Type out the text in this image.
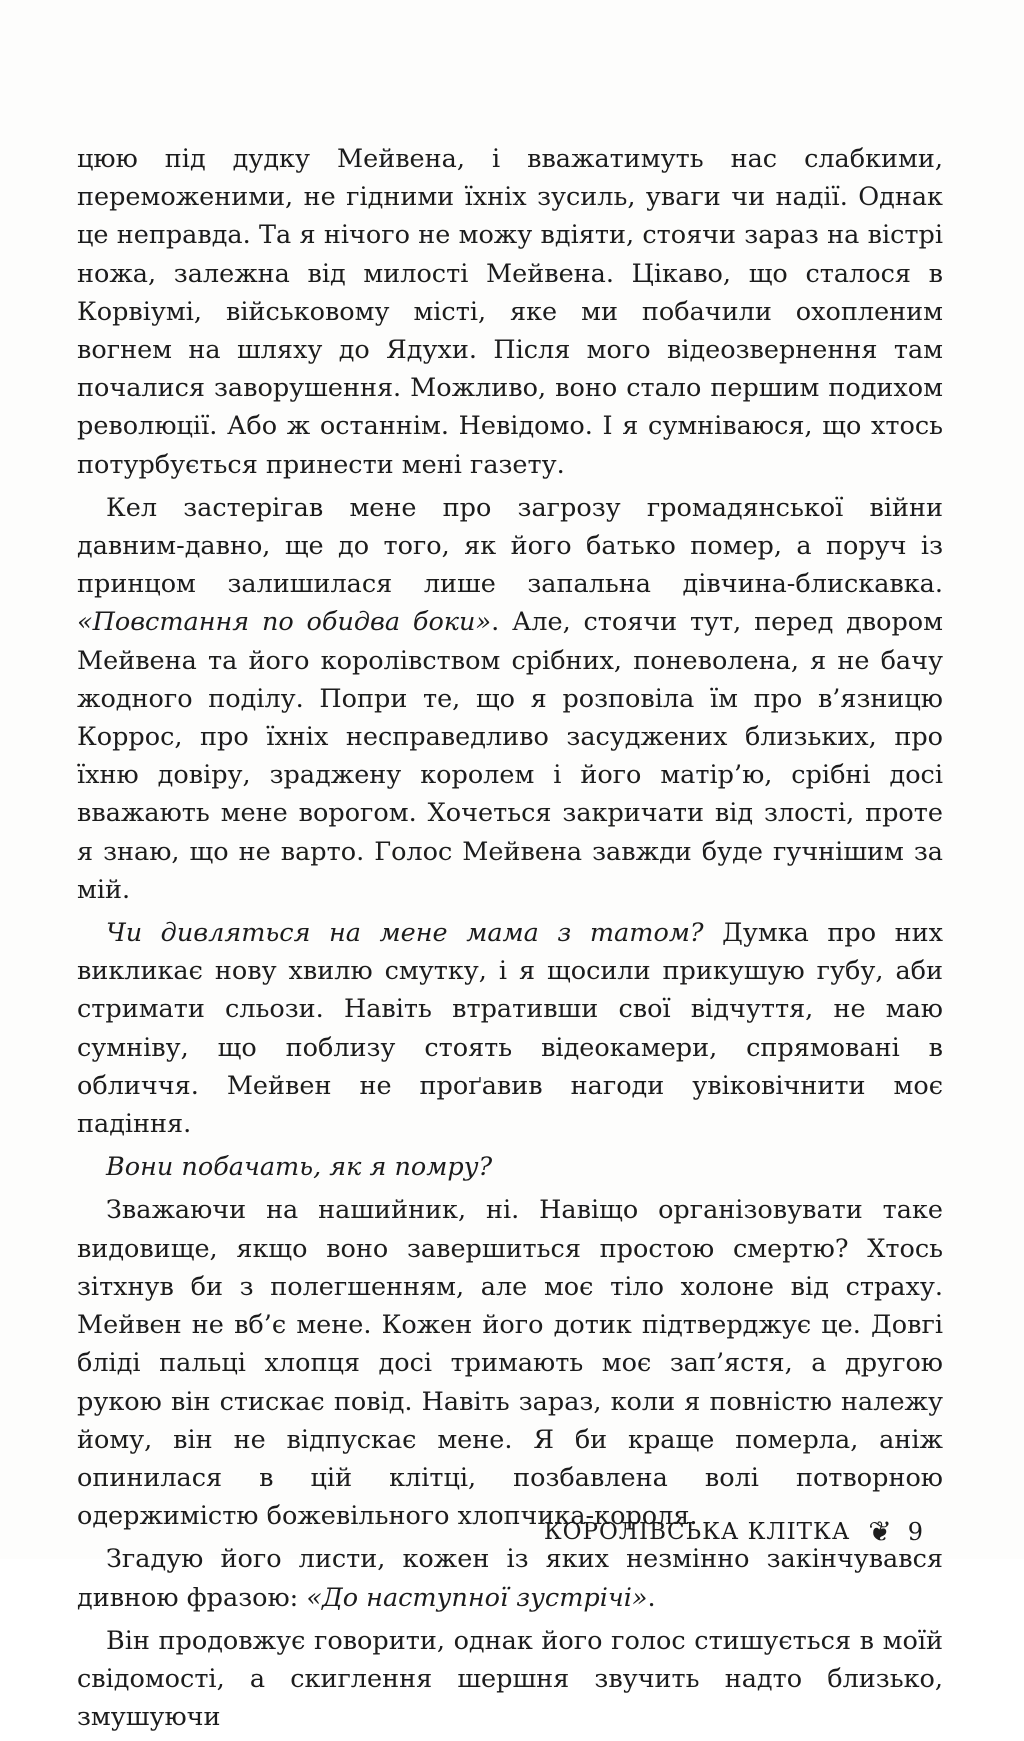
цюю під дудку Мейвена, і вважатимуть нас слабкими, переможеними, не гідними їхніх зусиль, уваги чи надії. Однак це неправда. Та я нічого не можу вдіяти, стоячи зараз на вістрі ножа, залежна від милості Мейвена. Цікаво, що сталося в Корвіумі, військовому місті, яке ми побачили охопленим вогнем на шляху до Ядухи. Після мого відеозвернення там почалися заворушення. Можливо, воно стало першим подихом революції. Або ж останнім. Невідомо. І я сумніваюся, що хтось потурбується принести мені газету.

Кел застерігав мене про загрозу громадянської війни давним-давно, ще до того, як його батько помер, а поруч із принцом залишилася лише запальна дівчина-блискавка. «Повстання по обидва боки». Але, стоячи тут, перед двором Мейвена та його королівством срібних, поневолена, я не бачу жодного поділу. Попри те, що я розповіла їм про в’язницю Коррос, про їхніх несправедливо засуджених близьких, про їхню довіру, зраджену королем і його матір’ю, срібні досі вважають мене ворогом. Хочеться закричати від злості, проте я знаю, що не варто. Голос Мейвена завжди буде гучнішим за мій.

Чи дивляться на мене мама з татом? Думка про них викликає нову хвилю смутку, і я щосили прикушую губу, аби стримати сльози. Навіть втративши свої відчуття, не маю сумніву, що поблизу стоять відеокамери, спрямовані в обличчя. Мейвен не проґавив нагоди увіковічнити моє падіння.

Вони побачать, як я помру?

Зважаючи на нашийник, ні. Навіщо організовувати таке видовище, якщо воно завершиться простою смертю? Хтось зітхнув би з полегшенням, але моє тіло холоне від страху. Мейвен не вб’є мене. Кожен його дотик підтверджує це. Довгі бліді пальці хлопця досі тримають моє зап’ястя, а другою рукою він стискає повід. Навіть зараз, коли я повністю належу йому, він не відпускає мене. Я би краще померла, аніж опинилася в цій клітці, позбавлена волі потворною одержимістю божевільного хлопчика-короля.

Згадую його листи, кожен із яких незмінно закінчувався дивною фразою: «До наступної зустрічі».

Він продовжує говорити, однак його голос стишується в моїй свідомості, а скиглення шершня звучить надто близько, змушуючи

КОРОЛІВСЬКА КЛІТКА ❦ 9
